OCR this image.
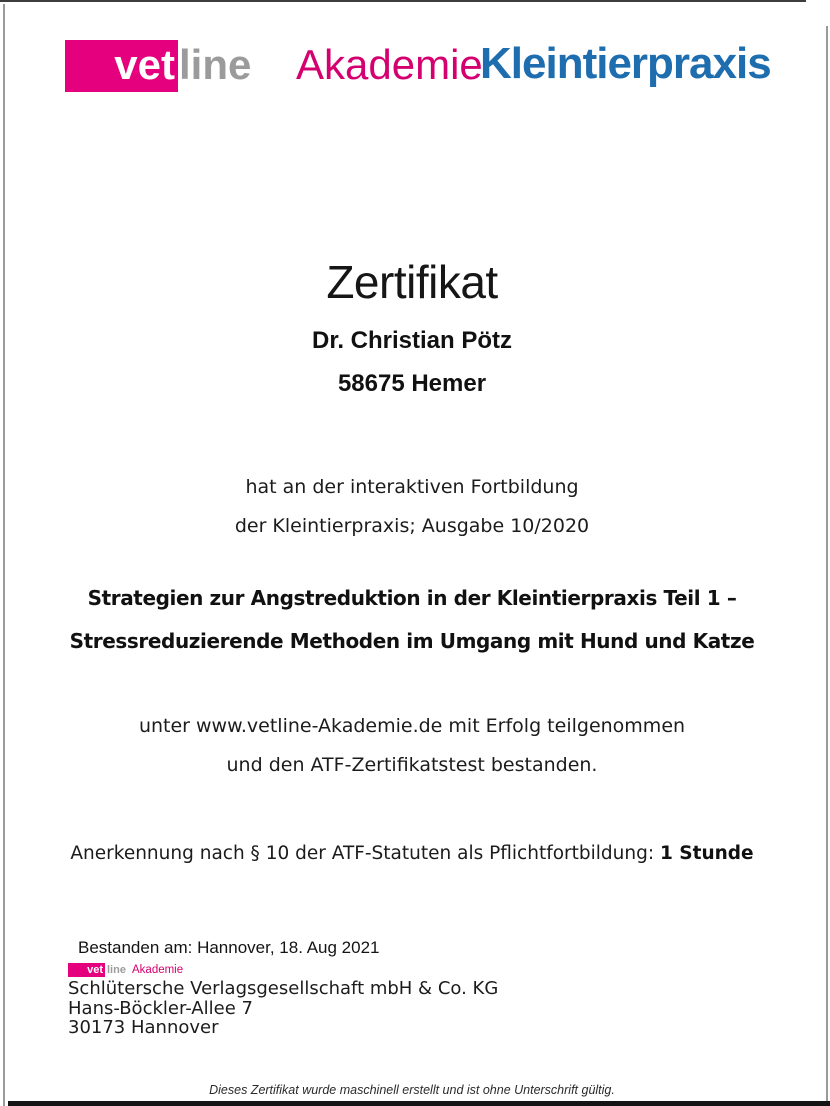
vet line Akademie
Kleintierpraxis
Zertifikat
Dr. Christian Pötz
58675 Hemer
hat an der interaktiven Fortbildung
der Kleintierpraxis; Ausgabe 10/2020
Strategien zur Angstreduktion in der Kleintierpraxis Teil 1 –
Stressreduzierende Methoden im Umgang mit Hund und Katze
unter www.vetline-Akademie.de mit Erfolg teilgenommen
und den ATF-Zertifikatstest bestanden.
Anerkennung nach § 10 der ATF-Statuten als Pflichtfortbildung: 1 Stunde
Bestanden am: Hannover, 18. Aug 2021
vet line Akademie
Schlütersche Verlagsgesellschaft mbH & Co. KG
Hans-Böckler-Allee 7
30173 Hannover
Dieses Zertifikat wurde maschinell erstellt und ist ohne Unterschrift gültig.
